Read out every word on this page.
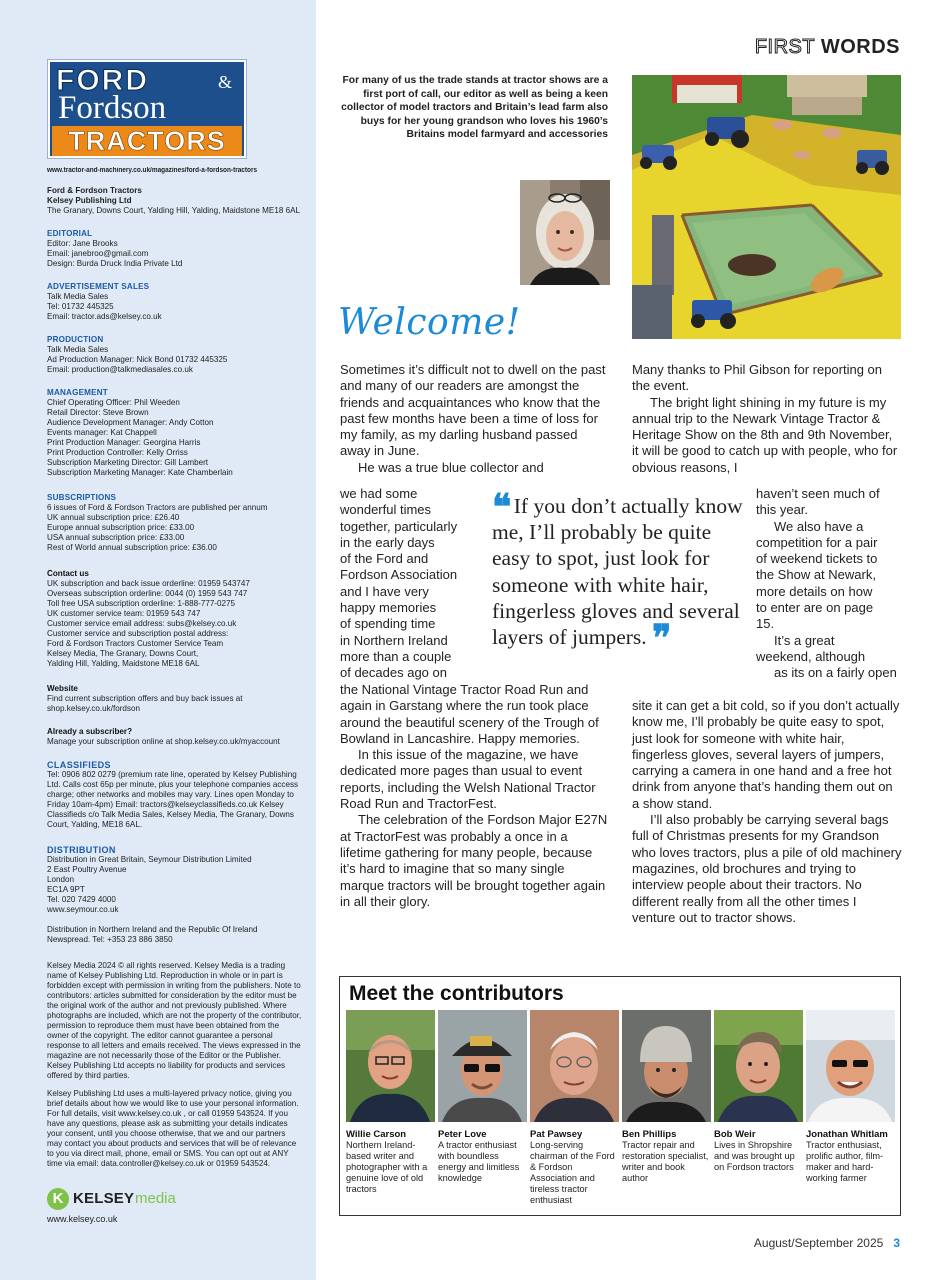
FORD	&
Fordson
TRACTORS
www.tractor-and-machinery.co.uk/magazines/ford-a-fordson-tractors
Ford & Fordson Tractors
Kelsey Publishing Ltd
The Granary, Downs Court, Yalding Hill, Yalding, Maidstone ME18 6AL
EDITORIAL
Editor: Jane Brooks
Email: janebroo@gmail.com
Design: Burda Druck India Private Ltd
ADVERTISEMENT SALES
Talk Media Sales
Tel: 01732 445325
Email: tractor.ads@kelsey.co.uk
PRODUCTION
Talk Media Sales
Ad Production Manager: Nick Bond 01732 445325
Email: production@talkmediasales.co.uk
MANAGEMENT
Chief Operating Officer: Phil Weeden
Retail Director: Steve Brown
Audience Development Manager: Andy Cotton
Events manager: Kat Chappell
Print Production Manager: Georgina Harris
Print Production Controller: Kelly Orriss
Subscription Marketing Director: Gill Lambert
Subscription Marketing Manager: Kate Chamberlain
SUBSCRIPTIONS
6 issues of Ford & Fordson Tractors are published per annum
UK annual subscription price: £26.40
Europe annual subscription price: £33.00
USA annual subscription price: £33.00
Rest of World annual subscription price: £36.00
Contact us
UK subscription and back issue orderline: 01959 543747
Overseas subscription orderline: 0044 (0) 1959 543 747
Toll free USA subscription orderline: 1-888-777-0275
UK customer service team: 01959 543 747
Customer service email address: subs@kelsey.co.uk
Customer service and subscription postal address:
Ford & Fordson Tractors Customer Service Team
Kelsey Media, The Granary, Downs Court,
Yalding Hill, Yalding, Maidstone ME18 6AL
Website
Find current subscription offers and buy back issues at
shop.kelsey.co.uk/fordson
Already a subscriber?
Manage your subscription online at shop.kelsey.co.uk/myaccount
CLASSIFIEDS
Tel: 0906 802 0279 (premium rate line, operated by Kelsey Publishing Ltd. Calls cost 65p per minute, plus your telephone companies access charge; other networks and mobiles may vary. Lines open Monday to Friday 10am-4pm) Email: tractors@kelseyclassifieds.co.uk Kelsey Classifieds c/o Talk Media Sales, Kelsey Media, The Granary, Downs Court, Yalding, ME18 6AL.
DISTRIBUTION
Distribution in Great Britain, Seymour Distribution Limited
2 East Poultry Avenue
London
EC1A 9PT
Tel. 020 7429 4000
www.seymour.co.uk
Distribution in Northern Ireland and the Republic Of Ireland Newspread. Tel: +353 23 886 3850
Kelsey Media 2024 © all rights reserved. Kelsey Media is a trading name of Kelsey Publishing Ltd. Reproduction in whole or in part is forbidden except with permission in writing from the publishers. Note to contributors: articles submitted for consideration by the editor must be the original work of the author and not previously published. Where photographs are included, which are not the property of the contributor, permission to reproduce them must have been obtained from the owner of the copyright. The editor cannot guarantee a personal response to all letters and emails received. The views expressed in the magazine are not necessarily those of the Editor or the Publisher. Kelsey Publishing Ltd accepts no liability for products and services offered by third parties.
Kelsey Publishing Ltd uses a multi-layered privacy notice, giving you brief details about how we would like to use your personal information. For full details, visit www.kelsey.co.uk , or call 01959 543524. If you have any questions, please ask as submitting your details indicates your consent, until you choose otherwise, that we and our partners may contact you about products and services that will be of relevance to you via direct mail, phone, email or SMS. You can opt out at ANY time via email: data.controller@kelsey.co.uk or 01959 543524.
K KELSEY media
www.kelsey.co.uk
FIRST WORDS
For many of us the trade stands at tractor shows are a first port of call, our editor as well as being a keen collector of model tractors and Britain’s lead farm also buys for her young grandson who loves his 1960’s Britains model farmyard and accessories
Welcome!

Sometimes it’s difficult not to dwell on the past and many of our readers are amongst the friends and acquaintances who know that the past few months have been a time of loss for my family, as my darling husband passed away in June.

He was a true blue collector and

we had some
wonderful times
together, particularly
in the early days
of the Ford and
Fordson Association
and I have very
happy memories
of spending time
in Northern Ireland
more than a couple
of decades ago on

the National Vintage Tractor Road Run and again in Garstang where the run took place around the beautiful scenery of the Trough of Bowland in Lancashire. Happy memories.

In this issue of the magazine, we have dedicated more pages than usual to event reports, including the Welsh National Tractor Road Run and TractorFest.

The celebration of the Fordson Major E27N at TractorFest was probably a once in a lifetime gathering for many people, because it’s hard to imagine that so many single marque tractors will be brought together again in all their glory.

Many thanks to Phil Gibson for reporting on the event.

The bright light shining in my future is my annual trip to the Newark Vintage Tractor & Heritage Show on the 8th and 9th November, it will be good to catch up with people, who for obvious reasons, I

haven’t seen much of
this year.
We also have a
competition for a pair
of weekend tickets to
the Show at Newark,
more details on how
to enter are on page
15.
It’s a great
weekend, although
as its on a fairly open

site it can get a bit cold, so if you don’t actually know me, I’ll probably be quite easy to spot, just look for someone with white hair, fingerless gloves, several layers of jumpers, carrying a camera in one hand and a free hot drink from anyone that’s handing them out on a show stand.

I’ll also probably be carrying several bags full of Christmas presents for my Grandson who loves tractors, plus a pile of old machinery magazines, old brochures and trying to interview people about their tractors. No different really from all the other times I venture out to tractor shows.

❝ If you don’t actually know me, I’ll probably be quite easy to spot, just look for someone with white hair, fingerless gloves and several layers of jumpers. ❞
Meet the contributors
Willie Carson
Northern Ireland-based writer and photographer with a genuine love of old tractors
Peter Love
A tractor enthusiast with boundless energy and limitless knowledge
Pat Pawsey
Long-serving chairman of the Ford & Fordson Association and tireless tractor enthusiast
Ben Phillips
Tractor repair and restoration specialist, writer and book author
Bob Weir
Lives in Shropshire and was brought up on Fordson tractors
Jonathan Whitlam
Tractor enthusiast, prolific author, film-maker and hard-working farmer
August/September 2025 3
